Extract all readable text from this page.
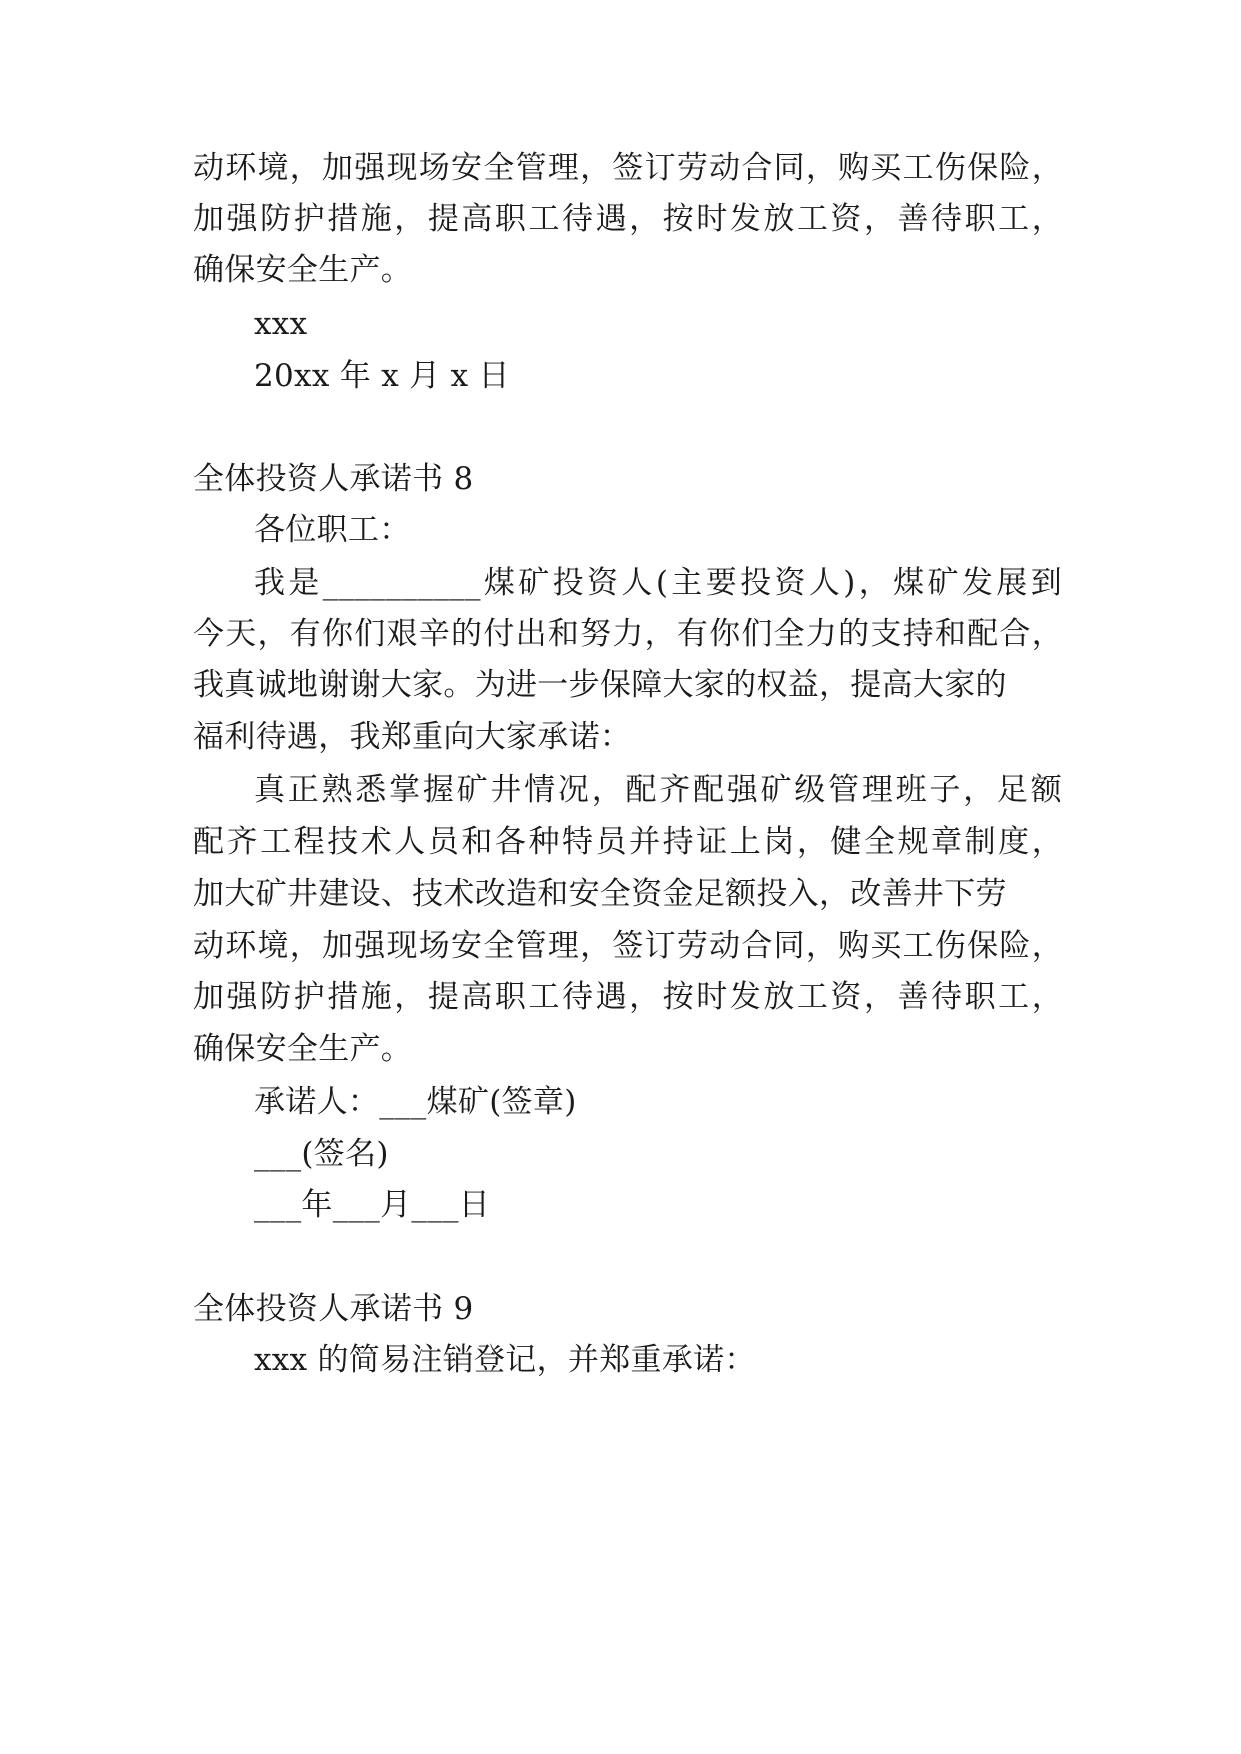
动环境，加强现场安全管理，签订劳动合同，购买工伤保险，
加强防护措施，提高职工待遇，按时发放工资，善待职工，
确保安全生产。
xxx
20xx 年 x 月 x 日
全体投资人承诺书 8
各位职工：
我是__________煤矿投资人(主要投资人)，煤矿发展到
今天，有你们艰辛的付出和努力，有你们全力的支持和配合，
我真诚地谢谢大家。为进一步保障大家的权益，提高大家的
福利待遇，我郑重向大家承诺：
真正熟悉掌握矿井情况，配齐配强矿级管理班子，足额
配齐工程技术人员和各种特员并持证上岗，健全规章制度，
加大矿井建设、技术改造和安全资金足额投入，改善井下劳
动环境，加强现场安全管理，签订劳动合同，购买工伤保险，
加强防护措施，提高职工待遇，按时发放工资，善待职工，
确保安全生产。
承诺人：___煤矿(签章)
___(签名)
___年___月___日
全体投资人承诺书 9
xxx 的简易注销登记，并郑重承诺：
